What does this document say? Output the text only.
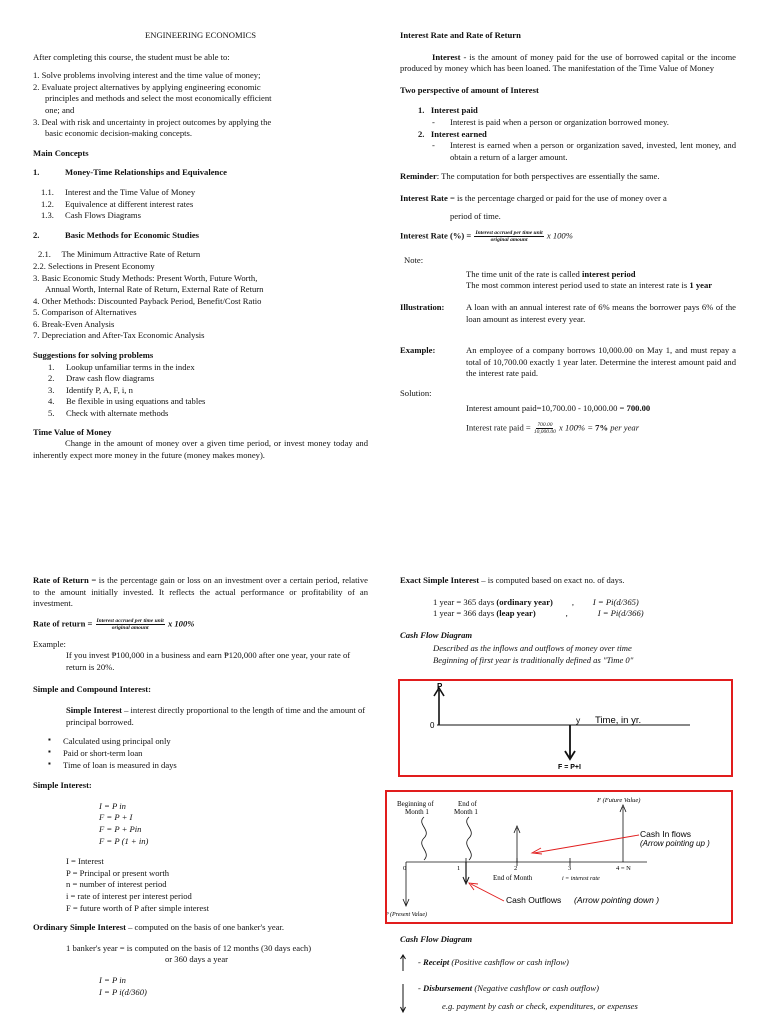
ENGINEERING ECONOMICS

After completing this course, the student must be able to:

1. Solve problems involving interest and the time value of money;

2. Evaluate project alternatives by applying engineering economic

principles and methods and select the most economically efficient

one; and

3. Deal with risk and uncertainty in project outcomes by applying the

basic economic decision-making concepts.

Main Concepts

1.	Money-Time Relationships and Equivalence

1.1. Interest and the Time Value of Money

1.2. Equivalence at different interest rates

1.3. Cash Flows Diagrams

2.	Basic Methods for Economic Studies

2.1.     The Minimum Attractive Rate of Return

2.2. Selections in Present Economy

3. Basic Economic Study Methods: Present Worth, Future Worth,

Annual Worth, Internal Rate of Return, External Rate of Return

4. Other Methods: Discounted Payback Period, Benefit/Cost Ratio

5. Comparison of Alternatives

6. Break-Even Analysis

7. Depreciation and After-Tax Economic Analysis

Suggestions for solving problems

1. Lookup unfamiliar terms in the index

2. Draw cash flow diagrams

3. Identify P, A, F, i, n

4. Be flexible in using equations and tables

5. Check with alternate methods

Time Value of Money

Change in the amount of money over a given time period, or invest money today and inherently expect more money in the future (money makes money).

Interest Rate and Rate of Return

Interest - is the amount of money paid for the use of borrowed capital or the income produced by money which has been loaned. The manifestation of the Time Value of Money

Two perspective of amount of Interest

1.   Interest paid

- Interest is paid when a person or organization borrowed money.

2.   Interest earned

-	Interest is earned when a person or organization saved, invested, lent money, and obtain a return of a larger amount.

Reminder: The computation for both perspectives are essentially the same.

Interest Rate = is the percentage charged or paid for the use of money over a

period of time.

Interest Rate (%) = $\frac{\text{Interest accrued per time unit}}{\text{original amount}}$ x 100%

Note:

The time unit of the rate is called interest period

The most common interest period used to state an interest rate is 1 year

Illustration:	A loan with an annual interest rate of 6% means the borrower pays 6% of the loan amount as interest every year.

Example:	An employee of a company borrows 10,000.00 on May 1, and must repay a total of 10,700.00 exactly 1 year later. Determine the interest amount paid and the interest rate paid.

Solution:

Interest amount paid=10,700.00 - 10,000.00 = 700.00

Interest rate paid = $\frac{700.00}{10,000.00}$ x 100% = 7% per year

Rate of Return = is the percentage gain or loss on an investment over a certain period, relative to the amount initially invested. It reflects the actual performance or profitability of an investment.

Rate of return = $\frac{\text{Interest accrued per time unit}}{\text{original amount}}$ x 100%

Example:

If you invest ₱100,000 in a business and earn ₱120,000 after one year, your rate of return is 20%.

Simple and Compound Interest:

Simple Interest – interest directly proportional to the length of time and the amount of principal borrowed.

▪ Calculated using principal only
▪ Paid or short-term loan
▪ Time of loan is measured in days

Simple Interest:

I = P in

F = P + I

F = P + Pin

F = P (1 + in)

I = Interest

P = Principal or present worth

n = number of interest period

i = rate of interest per interest period

F = future worth of P after simple interest

Ordinary Simple Interest – computed on the basis of one banker's year.

1 banker's year = is computed on the basis of 12 months (30 days each)

or 360 days a year

I = P in

I = P i(d/360)

Exact Simple Interest – is computed based on exact no. of days.

1 year = 365 days (ordinary year) , I = Pi(d/365)

1 year = 366 days (leap year)	,	I = Pi(d/366)

Cash Flow Diagram

Described as the inflows and outflows of money over time

Beginning of first year is traditionally defined as "Time 0"

P
0
y Time, in yr.
F = P+I
Beginning of
Month 1
End of
Month 1
F (Future Value)
P (Present Value)
0	1	2	3	4 = N
End of Month	i = interest rate
Cash In flows
(Arrow pointing up )
Cash Outflows (Arrow pointing down )

Cash Flow Diagram

- Receipt (Positive cashflow or cash inflow)

- Disbursement (Negative cashflow or cash outflow)

e.g. payment by cash or check, expenditures, or expenses
